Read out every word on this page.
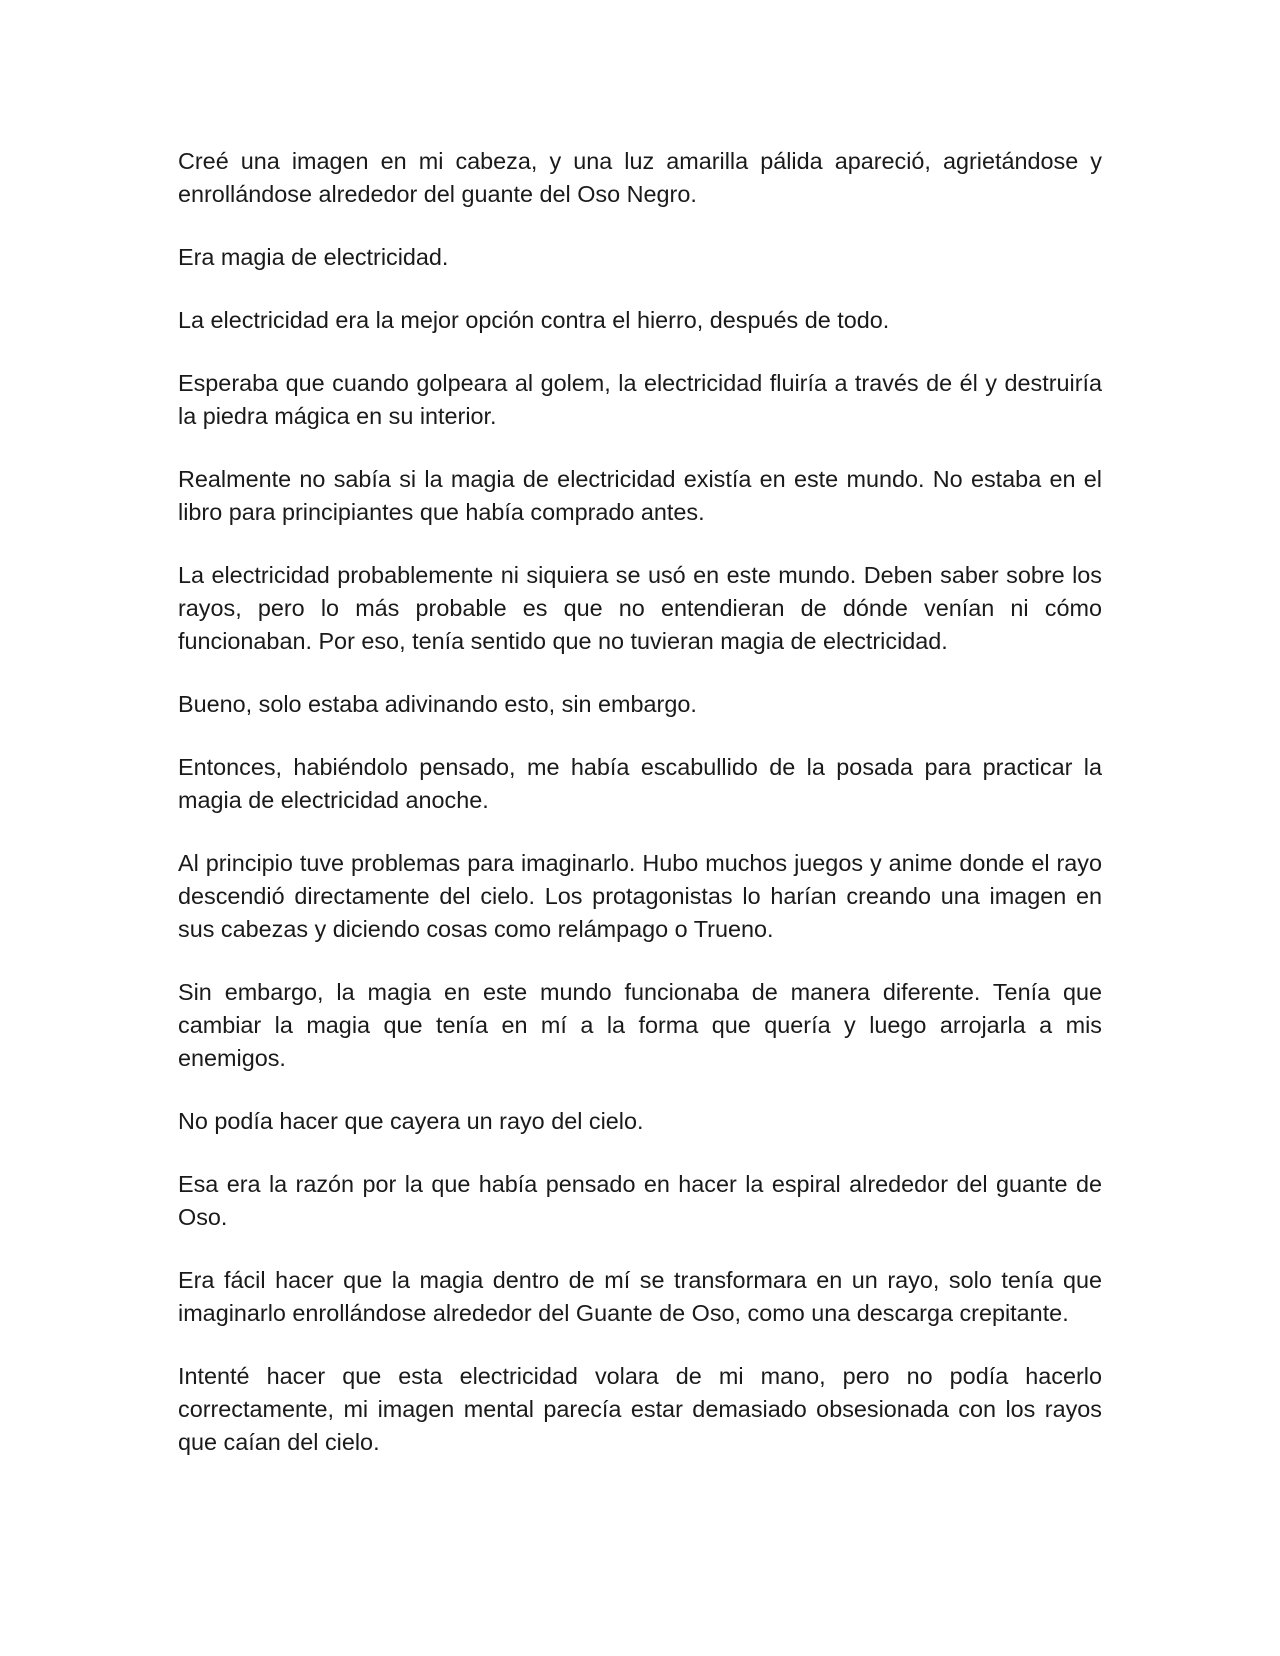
Creé una imagen en mi cabeza, y una luz amarilla pálida apareció, agrietándose y enrollándose alrededor del guante del Oso Negro.

Era magia de electricidad.

La electricidad era la mejor opción contra el hierro, después de todo.

Esperaba que cuando golpeara al golem, la electricidad fluiría a través de él y destruiría la piedra mágica en su interior.

Realmente no sabía si la magia de electricidad existía en este mundo. No estaba en el libro para principiantes que había comprado antes.

La electricidad probablemente ni siquiera se usó en este mundo. Deben saber sobre los rayos, pero lo más probable es que no entendieran de dónde venían ni cómo funcionaban. Por eso, tenía sentido que no tuvieran magia de electricidad.

Bueno, solo estaba adivinando esto, sin embargo.

Entonces, habiéndolo pensado, me había escabullido de la posada para practicar la magia de electricidad anoche.

Al principio tuve problemas para imaginarlo. Hubo muchos juegos y anime donde el rayo descendió directamente del cielo. Los protagonistas lo harían creando una imagen en sus cabezas y diciendo cosas como relámpago o Trueno.

Sin embargo, la magia en este mundo funcionaba de manera diferente. Tenía que cambiar la magia que tenía en mí a la forma que quería y luego arrojarla a mis enemigos.

No podía hacer que cayera un rayo del cielo.

Esa era la razón por la que había pensado en hacer la espiral alrededor del guante de Oso.

Era fácil hacer que la magia dentro de mí se transformara en un rayo, solo tenía que imaginarlo enrollándose alrededor del Guante de Oso, como una descarga crepitante.

Intenté hacer que esta electricidad volara de mi mano, pero no podía hacerlo correctamente, mi imagen mental parecía estar demasiado obsesionada con los rayos que caían del cielo.
